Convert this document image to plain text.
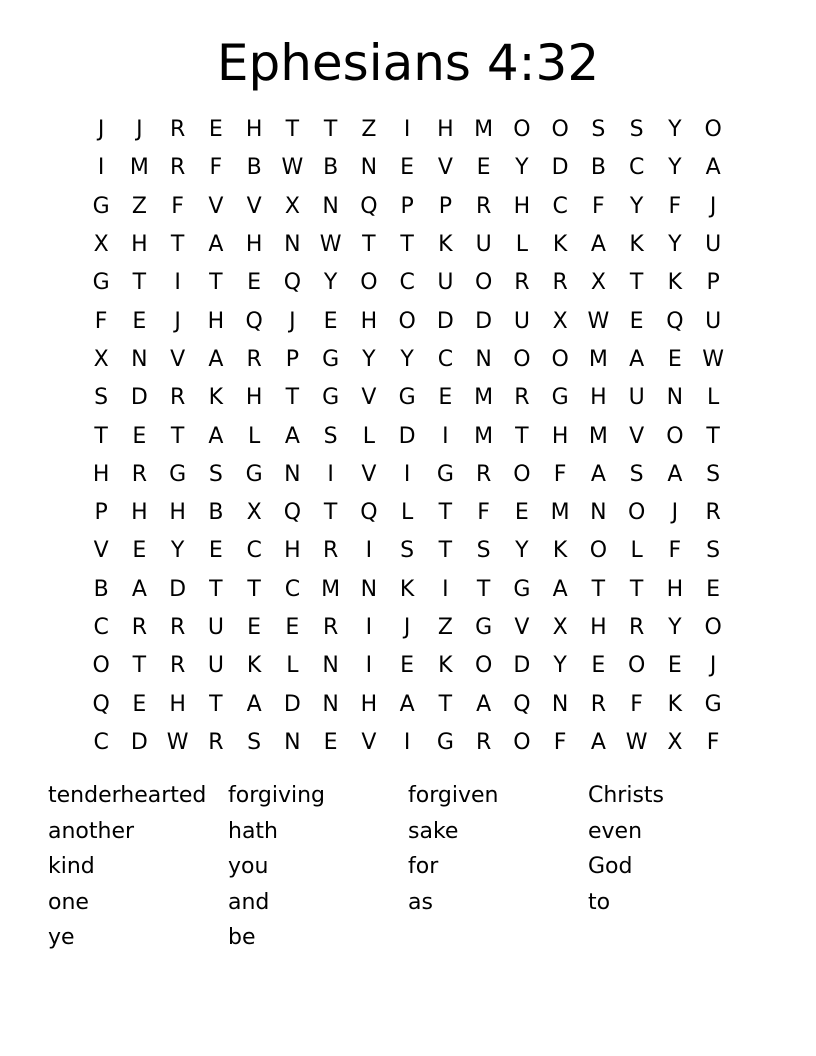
Ephesians 4:32
J	J	R	E	H	T	T	Z	I	H M O O	S	S	Y	O
I	M R	F	B W B	N	E	V	E	Y	D	B	C	Y	A
G	Z	F	V	V	X	N Q	P	P	R	H	C	F	Y	F	J
X	H	T	A	H N W T	T	K	U	L	K	A	K	Y	U
G	T	I	T	E	Q	Y	O C	U O R	R	X	T	K	P
F	E	J	H Q	J	E	H O D D U	X W E	Q U
X	N	V	A	R	P	G	Y	Y	C	N O O M A	E W
S	D	R	K	H	T	G	V	G	E M R	G H U N	L
T	E	T	A	L	A	S	L	D	I	M	T	H M V	O	T
H	R	G	S	G N	I	V	I	G	R O	F	A	S	A	S
P	H H	B	X	Q	T	Q	L	T	F	E M N O	J	R
V	E	Y	E	C	H	R	I	S	T	S	Y	K	O	L	F	S
B	A	D	T	T	C M N	K	I	T	G	A	T	T	H	E
C	R	R	U	E	E	R	I	J	Z	G	V	X	H	R	Y	O
O	T	R	U	K	L	N	I	E	K	O D	Y	E	O	E	J
Q	E	H	T	A	D N H	A	T	A	Q N	R	F	K	G
C	D W R	S	N	E	V	I	G	R O	F	A W X	F
tenderhearted forgiving	forgiven	Christs
another	hath	sake	even
kind	you	for	God
one	and	as	to
ye	be
